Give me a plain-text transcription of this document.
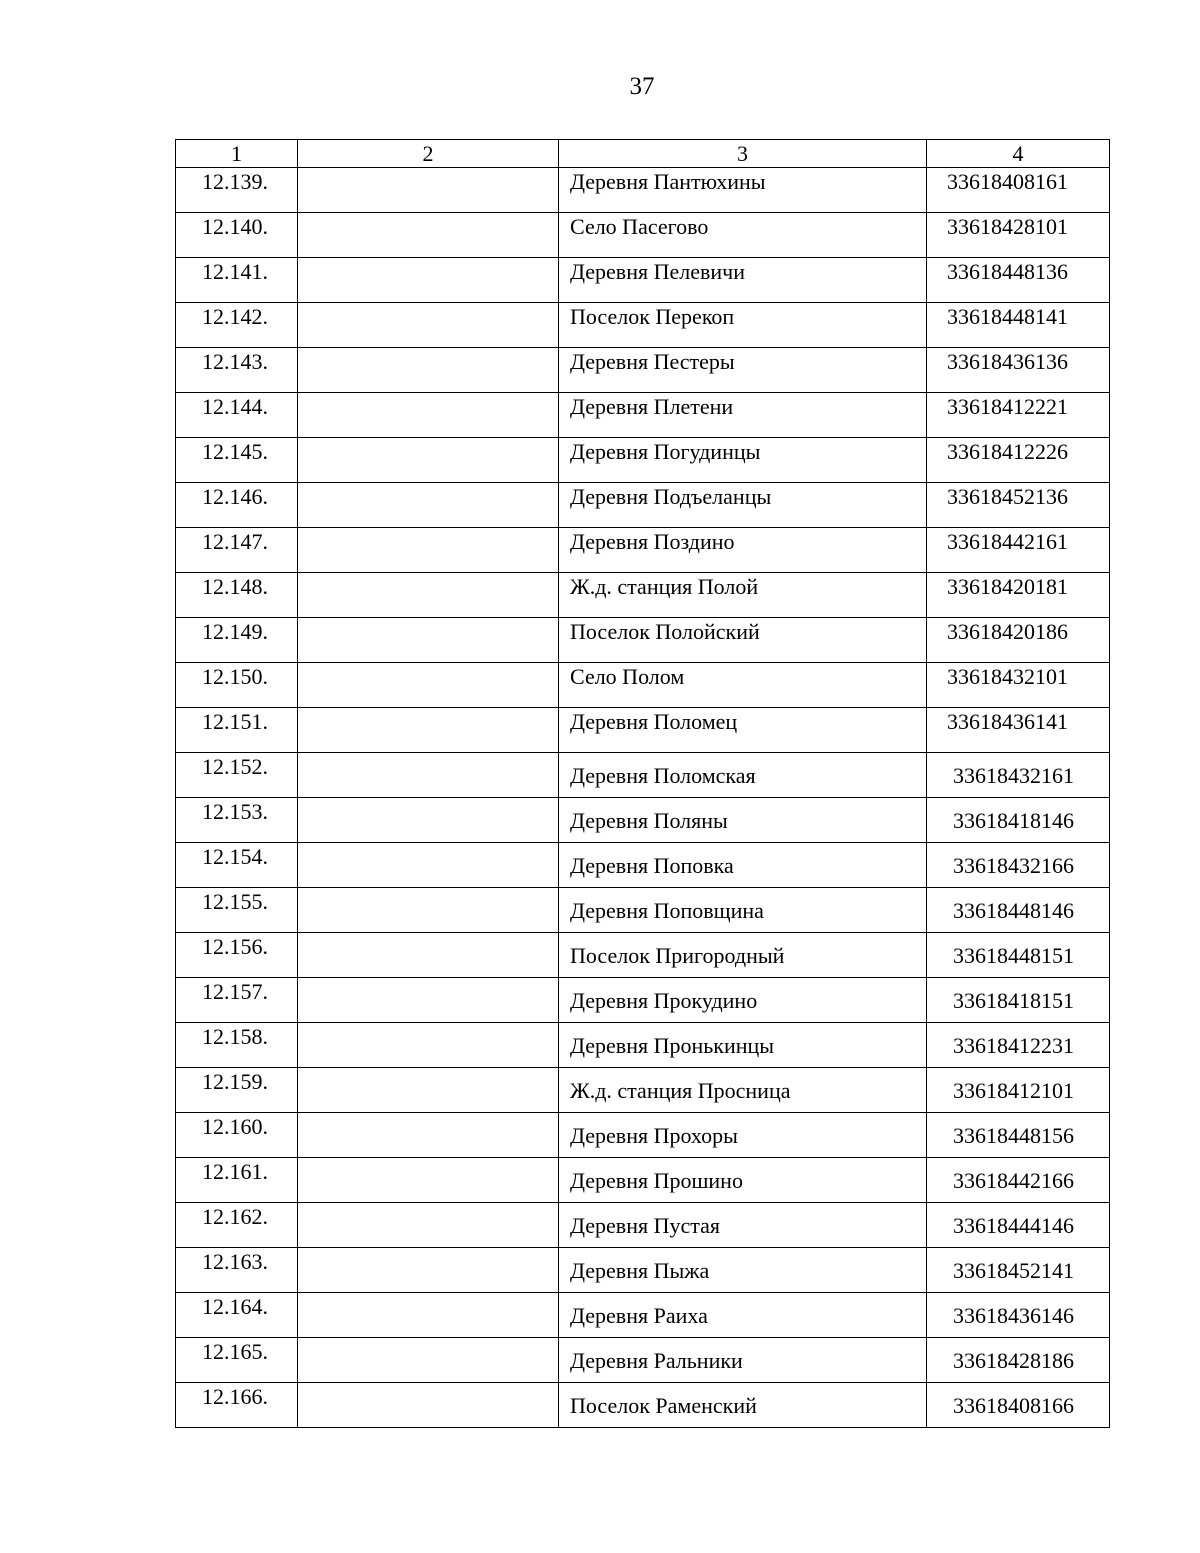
37
1	2	3	4
12.139.		Деревня Пантюхины	33618408161
12.140.		Село Пасегово	33618428101
12.141.		Деревня Пелевичи	33618448136
12.142.		Поселок Перекоп	33618448141
12.143.		Деревня Пестеры	33618436136
12.144.		Деревня Плетени	33618412221
12.145.		Деревня Погудинцы	33618412226
12.146.		Деревня Подъеланцы	33618452136
12.147.		Деревня Поздино	33618442161
12.148.		Ж.д. станция Полой	33618420181
12.149.		Поселок Полойский	33618420186
12.150.		Село Полом	33618432101
12.151.		Деревня Поломец	33618436141
12.152.		Деревня Поломская	33618432161
12.153.		Деревня Поляны	33618418146
12.154.		Деревня Поповка	33618432166
12.155.		Деревня Поповщина	33618448146
12.156.		Поселок Пригородный	33618448151
12.157.		Деревня Прокудино	33618418151
12.158.		Деревня Пронькинцы	33618412231
12.159.		Ж.д. станция Проcница	33618412101
12.160.		Деревня Прохоры	33618448156
12.161.		Деревня Прошино	33618442166
12.162.		Деревня Пустая	33618444146
12.163.		Деревня Пыжа	33618452141
12.164.		Деревня Раиха	33618436146
12.165.		Деревня Ральники	33618428186
12.166.		Поселок Раменский	33618408166
